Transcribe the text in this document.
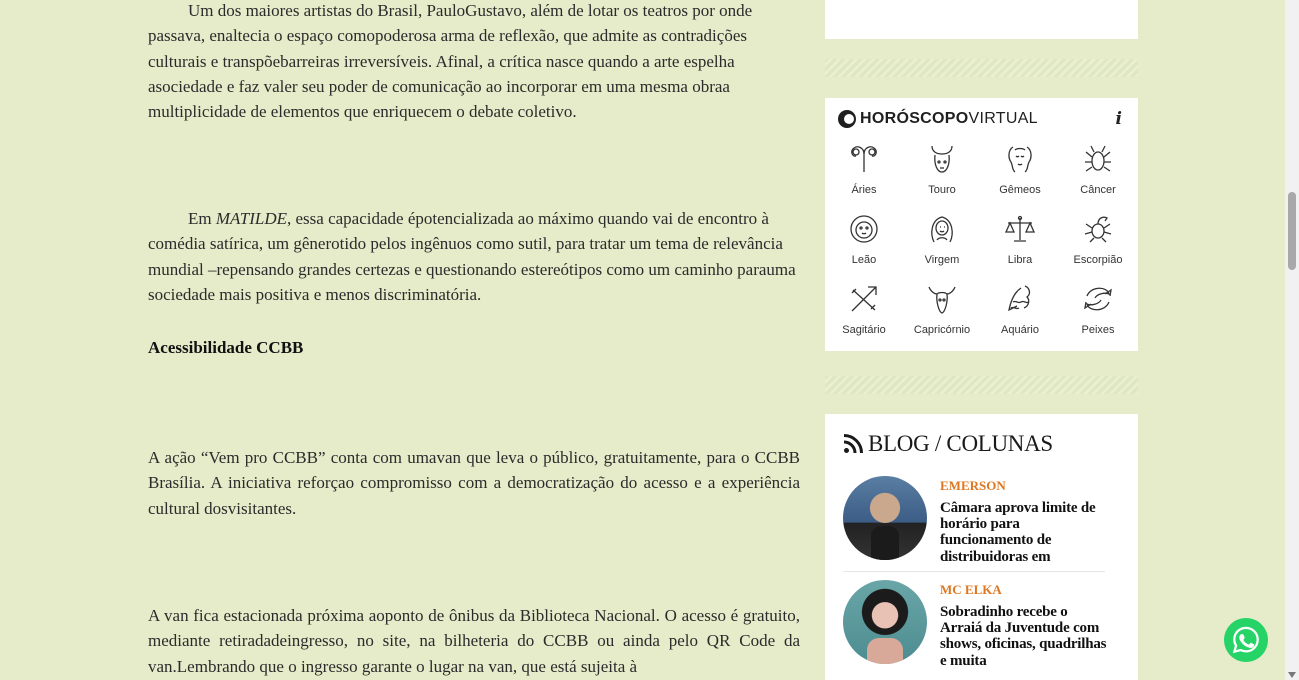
Um dos maiores artistas do Brasil, PauloGustavo, além de lotar os teatros por onde passava, enaltecia o espaço comopoderosa arma de reflexão, que admite as contradições culturais e transpõebarreiras irreversíveis. Afinal, a crítica nasce quando a arte espelha asociedade e faz valer seu poder de comunicação ao incorporar em uma mesma obraa multiplicidade de elementos que enriquecem o debate coletivo.

Em MATILDE, essa capacidade épotencializada ao máximo quando vai de encontro à comédia satírica, um gênerotido pelos ingênuos como sutil, para tratar um tema de relevância mundial –repensando grandes certezas e questionando estereótipos como um caminho parauma sociedade mais positiva e menos discriminatória.

Acessibilidade CCBB

A ação “Vem pro CCBB” conta com umavan que leva o público, gratuitamente, para o CCBB Brasília. A iniciativa reforçao compromisso com a democratização do acesso e a experiência cultural dosvisitantes.

A van fica estacionada próxima aoponto de ônibus da Biblioteca Nacional. O acesso é gratuito, mediante retiradadeingresso, no site, na bilheteria do CCBB ou ainda pelo QR Code da van.Lembrando que o ingresso garante o lugar na van, que está sujeita à

HORÓSCOPO VIRTUAL	i
Áries	Touro	Gêmeos	Câncer
Leão	Virgem	Libra	Escorpião
Sagitário	Capricórnio	Aquário	Peixes
BLOG / COLUNAS
EMERSON
Câmara aprova limite de horário para funcionamento de distribuidoras em
MC ELKA
Sobradinho recebe o Arraiá da Juventude com shows, oficinas, quadrilhas e muita
